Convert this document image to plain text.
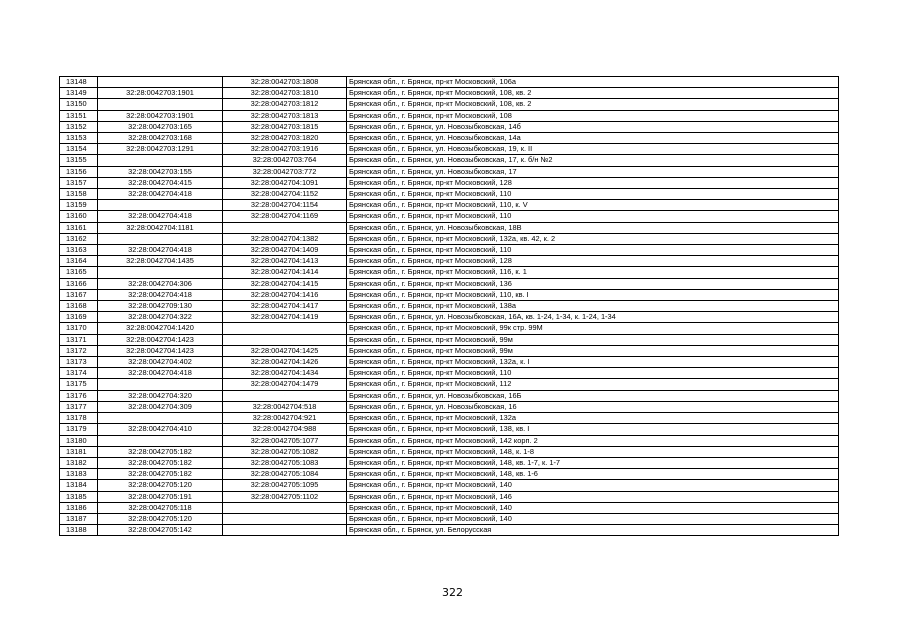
13148		32:28:0042703:1808	Брянская обл., г. Брянск, пр-кт Московский, 106а
13149	32:28:0042703:1901	32:28:0042703:1810	Брянская обл., г. Брянск, пр-кт Московский, 108, кв. 2
13150		32:28:0042703:1812	Брянская обл., г. Брянск, пр-кт Московский, 108, кв. 2
13151	32:28:0042703:1901	32:28:0042703:1813	Брянская обл., г. Брянск, пр-кт Московский, 108
13152	32:28:0042703:165	32:28:0042703:1815	Брянская обл., г. Брянск, ул. Новозыбковская, 14б
13153	32:28:0042703:168	32:28:0042703:1820	Брянская обл., г. Брянск, ул. Новозыбковская, 14а
13154	32:28:0042703:1291	32:28:0042703:1916	Брянская обл., г. Брянск, ул. Новозыбковская, 19, к. II
13155		32:28:0042703:764	Брянская обл., г. Брянск, ул. Новозыбковская, 17, к. б/н №2
13156	32:28:0042703:155	32:28:0042703:772	Брянская обл., г. Брянск, ул. Новозыбковская, 17
13157	32:28:0042704:415	32:28:0042704:1091	Брянская обл., г. Брянск, пр-кт Московский, 128
13158	32:28:0042704:418	32:28:0042704:1152	Брянская обл., г. Брянск, пр-кт Московский, 110
13159		32:28:0042704:1154	Брянская обл., г. Брянск, пр-кт Московский, 110, к. V
13160	32:28:0042704:418	32:28:0042704:1169	Брянская обл., г. Брянск, пр-кт Московский, 110
13161	32:28:0042704:1181		Брянская обл., г. Брянск, ул. Новозыбковская, 18В
13162		32:28:0042704:1382	Брянская обл., г. Брянск, пр-кт Московский, 132а, кв. 42, к. 2
13163	32:28:0042704:418	32:28:0042704:1409	Брянская обл., г. Брянск, пр-кт Московский, 110
13164	32:28:0042704:1435	32:28:0042704:1413	Брянская обл., г. Брянск, пр-кт Московский, 128
13165		32:28:0042704:1414	Брянская обл., г. Брянск, пр-кт Московский, 116, к. 1
13166	32:28:0042704:306	32:28:0042704:1415	Брянская обл., г. Брянск, пр-кт Московский, 136
13167	32:28:0042704:418	32:28:0042704:1416	Брянская обл., г. Брянск, пр-кт Московский, 110, кв. I
13168	32:28:0042709:130	32:28:0042704:1417	Брянская обл., г. Брянск, пр-кт Московский, 138а
13169	32:28:0042704:322	32:28:0042704:1419	Брянская обл., г. Брянск, ул. Новозыбковская, 16А, кв. 1-24, 1-34, к. 1-24, 1-34
13170	32:28:0042704:1420		Брянская обл., г. Брянск, пр-кт Московский, 99к стр. 99М
13171	32:28:0042704:1423		Брянская обл., г. Брянск, пр-кт Московский, 99м
13172	32:28:0042704:1423	32:28:0042704:1425	Брянская обл., г. Брянск, пр-кт Московский, 99м
13173	32:28:0042704:402	32:28:0042704:1426	Брянская обл., г. Брянск, пр-кт Московский, 132а, к. I
13174	32:28:0042704:418	32:28:0042704:1434	Брянская обл., г. Брянск, пр-кт Московский, 110
13175		32:28:0042704:1479	Брянская обл., г. Брянск, пр-кт Московский, 112
13176	32:28:0042704:320		Брянская обл., г. Брянск, ул. Новозыбковская, 16Б
13177	32:28:0042704:309	32:28:0042704:518	Брянская обл., г. Брянск, ул. Новозыбковская, 16
13178		32:28:0042704:921	Брянская обл., г. Брянск, пр-кт Московский, 132а
13179	32:28:0042704:410	32:28:0042704:988	Брянская обл., г. Брянск, пр-кт Московский, 138, кв. I
13180		32:28:0042705:1077	Брянская обл., г. Брянск, пр-кт Московский, 142 корп. 2
13181	32:28:0042705:182	32:28:0042705:1082	Брянская обл., г. Брянск, пр-кт Московский, 148, к. 1-8
13182	32:28:0042705:182	32:28:0042705:1083	Брянская обл., г. Брянск, пр-кт Московский, 148, кв. 1-7, к. 1-7
13183	32:28:0042705:182	32:28:0042705:1084	Брянская обл., г. Брянск, пр-кт Московский, 148, кв. 1-6
13184	32:28:0042705:120	32:28:0042705:1095	Брянская обл., г. Брянск, пр-кт Московский, 140
13185	32:28:0042705:191	32:28:0042705:1102	Брянская обл., г. Брянск, пр-кт Московский, 146
13186	32:28:0042705:118		Брянская обл., г. Брянск, пр-кт Московский, 140
13187	32:28:0042705:120		Брянская обл., г. Брянск, пр-кт Московский, 140
13188	32:28:0042705:142		Брянская обл., г. Брянск, ул. Белорусская
322
